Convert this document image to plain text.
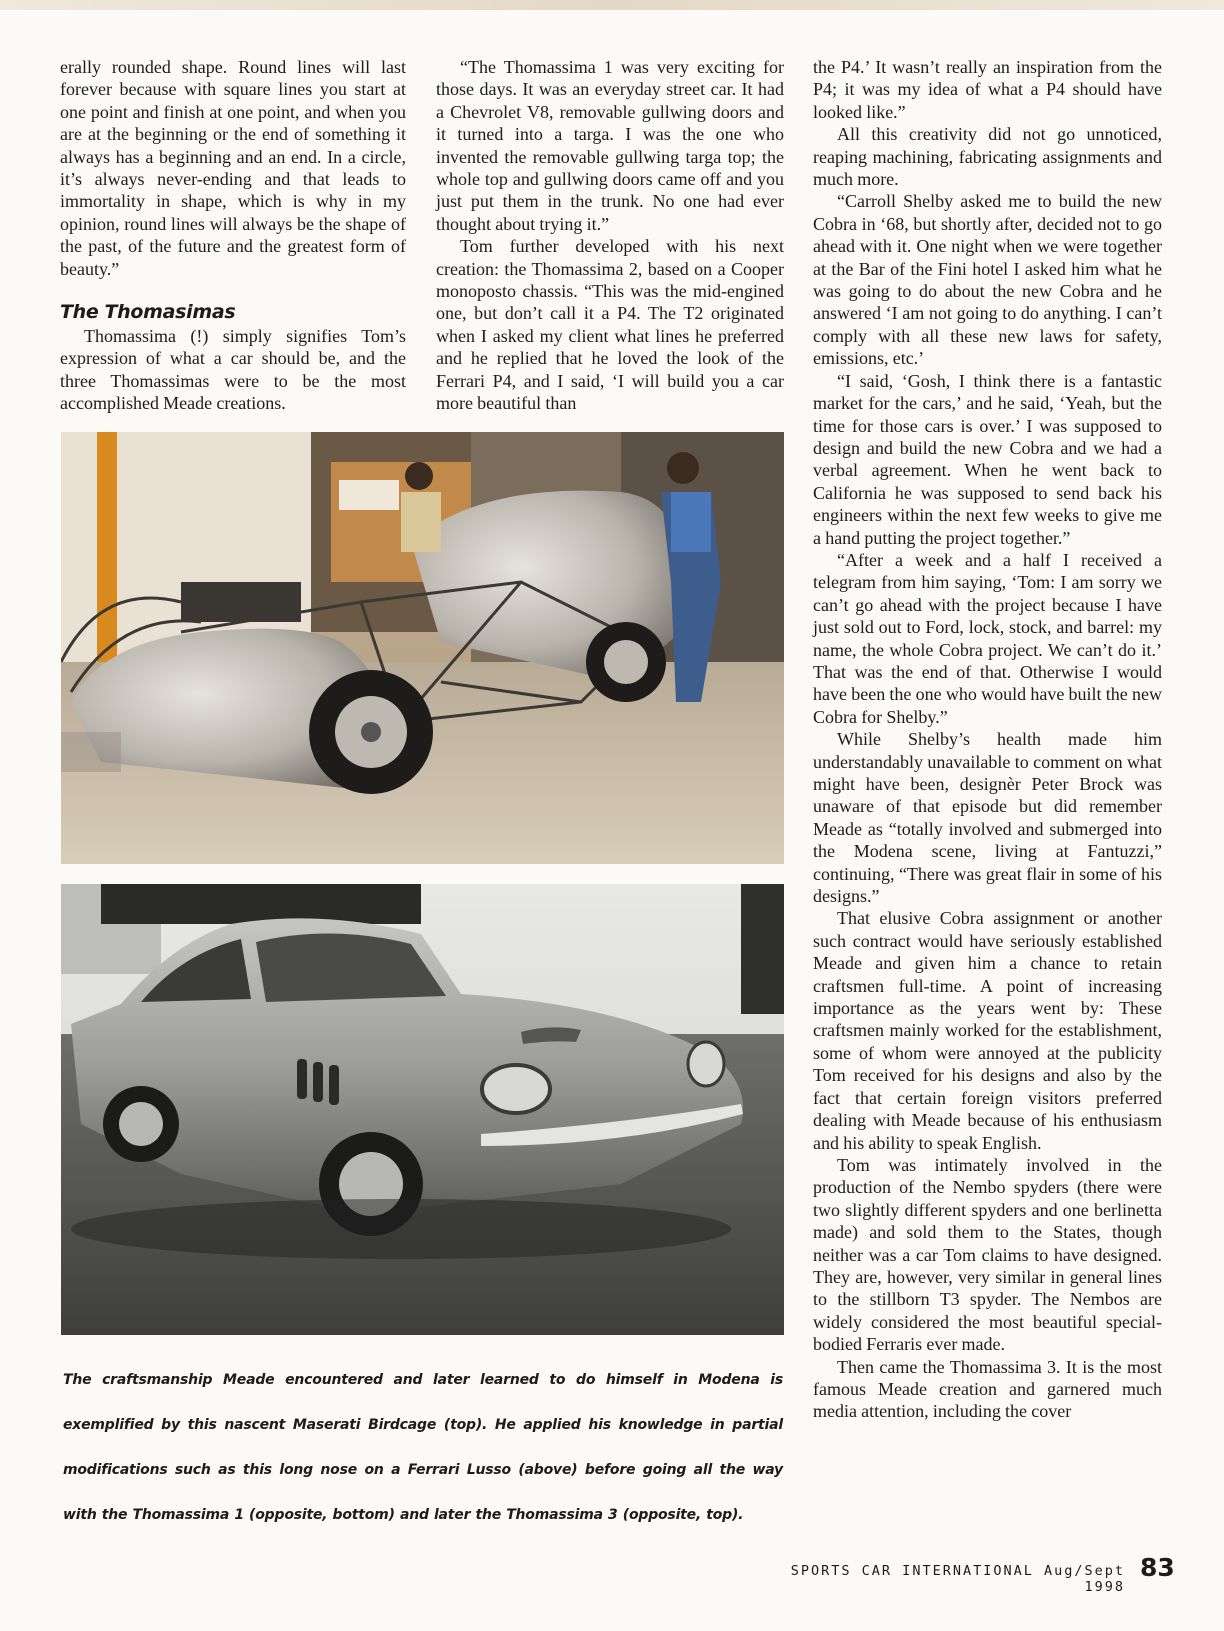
erally rounded shape. Round lines will last forever because with square lines you start at one point and finish at one point, and when you are at the beginning or the end of something it always has a beginning and an end. In a circle, it’s always never-ending and that leads to immortality in shape, which is why in my opinion, round lines will always be the shape of the past, of the future and the greatest form of beauty.”

The Thomasimas

Thomassima (!) simply signifies Tom’s expression of what a car should be, and the three Thomassimas were to be the most accomplished Meade creations.

“The Thomassima 1 was very exciting for those days. It was an everyday street car. It had a Chevrolet V8, removable gullwing doors and it turned into a targa. I was the one who invented the removable gullwing targa top; the whole top and gullwing doors came off and you just put them in the trunk. No one had ever thought about trying it.”

Tom further developed with his next creation: the Thomassima 2, based on a Cooper monoposto chassis. “This was the mid-engined one, but don’t call it a P4. The T2 originated when I asked my client what lines he preferred and he replied that he loved the look of the Ferrari P4, and I said, ‘I will build you a car more beautiful than

the P4.’ It wasn’t really an inspiration from the P4; it was my idea of what a P4 should have looked like.”

All this creativity did not go unnoticed, reaping machining, fabricating assignments and much more.

“Carroll Shelby asked me to build the new Cobra in ‘68, but shortly after, decided not to go ahead with it. One night when we were together at the Bar of the Fini hotel I asked him what he was going to do about the new Cobra and he answered ‘I am not going to do anything. I can’t comply with all these new laws for safety, emissions, etc.’

“I said, ‘Gosh, I think there is a fantastic market for the cars,’ and he said, ‘Yeah, but the time for those cars is over.’ I was supposed to design and build the new Cobra and we had a verbal agreement. When he went back to California he was supposed to send back his engineers within the next few weeks to give me a hand putting the project together.”

“After a week and a half I received a telegram from him saying, ‘Tom: I am sorry we can’t go ahead with the project because I have just sold out to Ford, lock, stock, and barrel: my name, the whole Cobra project. We can’t do it.’ That was the end of that. Otherwise I would have been the one who would have built the new Cobra for Shelby.”

While Shelby’s health made him understandably unavailable to comment on what might have been, designèr Peter Brock was unaware of that episode but did remember Meade as “totally involved and submerged into the Modena scene, living at Fantuzzi,” continuing, “There was great flair in some of his designs.”

That elusive Cobra assignment or another such contract would have seriously established Meade and given him a chance to retain craftsmen full-time. A point of increasing importance as the years went by: These craftsmen mainly worked for the establishment, some of whom were annoyed at the publicity Tom received for his designs and also by the fact that certain foreign visitors preferred dealing with Meade because of his enthusiasm and his ability to speak English.

Tom was intimately involved in the production of the Nembo spyders (there were two slightly different spyders and one berlinetta made) and sold them to the States, though neither was a car Tom claims to have designed. They are, however, very similar in general lines to the stillborn T3 spyder. The Nembos are widely considered the most beautiful special-bodied Ferraris ever made.

Then came the Thomassima 3. It is the most famous Meade creation and garnered much media attention, including the cover

The craftsmanship Meade encountered and later learned to do himself in Modena is exemplified by this nascent Maserati Birdcage (top). He applied his knowledge in partial modifications such as this long nose on a Ferrari Lusso (above) before going all the way with the Thomassima 1 (opposite, bottom) and later the Thomassima 3 (opposite, top).
SPORTS CAR INTERNATIONAL Aug/Sept 1998
83
